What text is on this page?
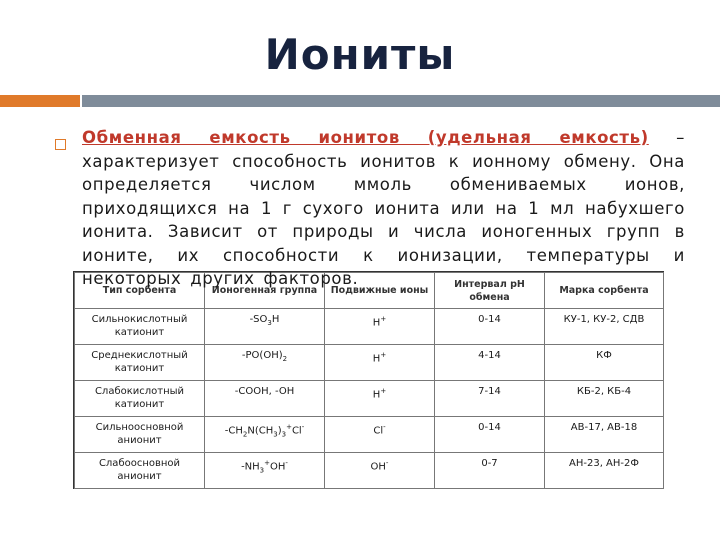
Иониты
Тип сорбента	Ионогенная группа	Подвижные ионы	Интервал pH обмена	Марка сорбента
Сильнокислотный катионит	$-SO_3H$	H+	0-14	КУ-1, КУ-2, СДВ
Среднекислотный катионит	$-PO(OH)_2$	H+	4-14	КФ
Слабокислотный катионит	-COOH, -OH	H+	7-14	КБ-2, КБ-4
Сильноосновной анионит	$-CH_2N(CH_3)_3^+Cl^-$	Cl-	0-14	АВ-17, АВ-18
Слабоосновной анионит	$-NH_3^+OH^-$	OH-	0-7	АН-23, АН-2Ф
Обменная емкость ионитов (удельная емкость) – характеризует способность ионитов к ионному обмену. Она определяется числом ммоль обмениваемых ионов, приходящихся на 1 г сухого ионита или на 1 мл набухшего ионита. Зависит от природы и числа ионогенных групп в ионите, их способности к ионизации, температуры и некоторых других факторов.
